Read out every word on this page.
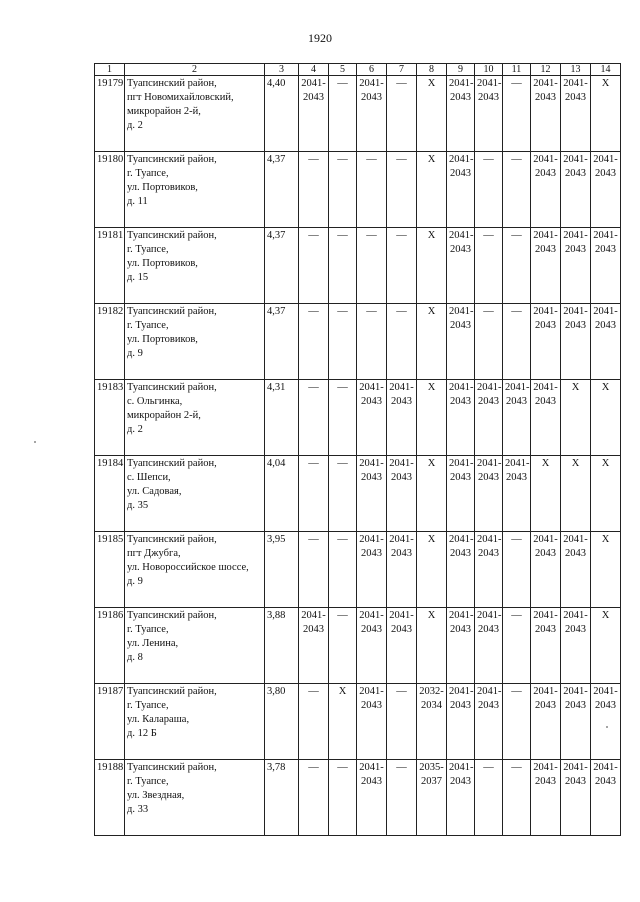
1920
1	2	3	4	5	6	7	8	9	10	11	12	13	14
19179	Туапсинский район,
пгт Новомихайловский,
микрорайон 2-й,
д. 2	4,40	2041-
2043	—	2041-
2043	—	X	2041-
2043	2041-
2043	—	2041-
2043	2041-
2043	X
19180	Туапсинский район,
г. Туапсе,
ул. Портовиков,
д. 11	4,37	—	—	—	—	X	2041-
2043	—	—	2041-
2043	2041-
2043	2041-
2043
19181	Туапсинский район,
г. Туапсе,
ул. Портовиков,
д. 15	4,37	—	—	—	—	X	2041-
2043	—	—	2041-
2043	2041-
2043	2041-
2043
19182	Туапсинский район,
г. Туапсе,
ул. Портовиков,
д. 9	4,37	—	—	—	—	X	2041-
2043	—	—	2041-
2043	2041-
2043	2041-
2043
19183	Туапсинский район,
с. Ольгинка,
микрорайон 2-й,
д. 2	4,31	—	—	2041-
2043	2041-
2043	X	2041-
2043	2041-
2043	2041-
2043	2041-
2043	X	X
19184	Туапсинский район,
с. Шепси,
ул. Садовая,
д. 35	4,04	—	—	2041-
2043	2041-
2043	X	2041-
2043	2041-
2043	2041-
2043	X	X	X
19185	Туапсинский район,
пгт Джубга,
ул. Новороссийское шоссе,
д. 9	3,95	—	—	2041-
2043	2041-
2043	X	2041-
2043	2041-
2043	—	2041-
2043	2041-
2043	X
19186	Туапсинский район,
г. Туапсе,
ул. Ленина,
д. 8	3,88	2041-
2043	—	2041-
2043	2041-
2043	X	2041-
2043	2041-
2043	—	2041-
2043	2041-
2043	X
19187	Туапсинский район,
г. Туапсе,
ул. Калараша,
д. 12 Б	3,80	—	X	2041-
2043	—	2032-
2034	2041-
2043	2041-
2043	—	2041-
2043	2041-
2043	2041-
2043
19188	Туапсинский район,
г. Туапсе,
ул. Звездная,
д. 33	3,78	—	—	2041-
2043	—	2035-
2037	2041-
2043	—	—	2041-
2043	2041-
2043	2041-
2043
